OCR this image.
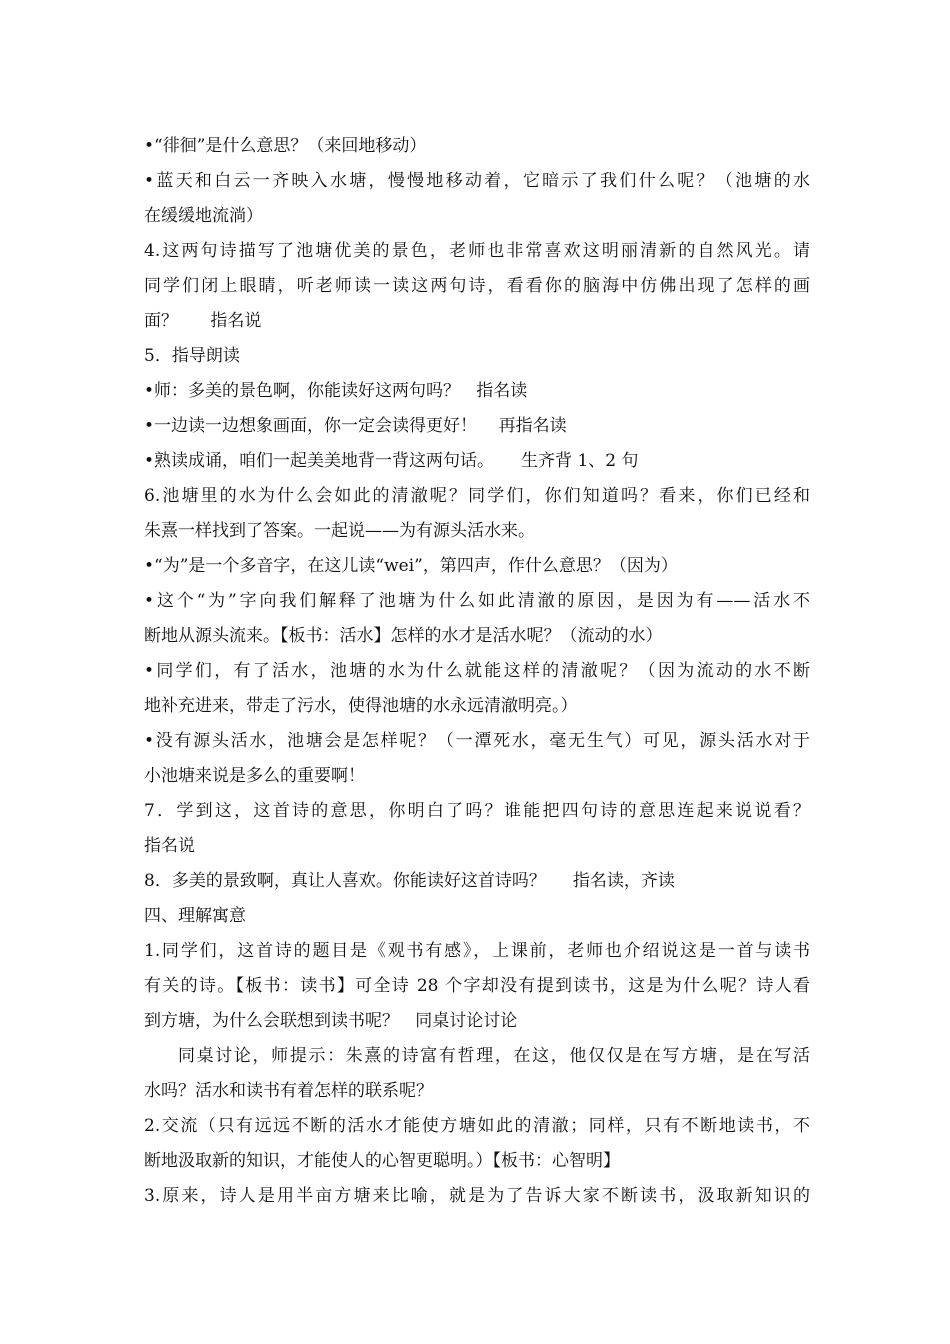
•“徘徊”是什么意思？（来回地移动）
•蓝天和白云一齐映入水塘，慢慢地移动着，它暗示了我们什么呢？（池塘的水
在缓缓地流淌）
4.这两句诗描写了池塘优美的景色，老师也非常喜欢这明丽清新的自然风光。请
同学们闭上眼睛，听老师读一读这两句诗，看看你的脑海中仿佛出现了怎样的画
面？      指名说
5．指导朗读
•师：多美的景色啊，你能读好这两句吗？   指名读
•一边读一边想象画面，你一定会读得更好！    再指名读
•熟读成诵，咱们一起美美地背一背这两句话。     生齐背 1、2 句
6.池塘里的水为什么会如此的清澈呢？同学们，你们知道吗？看来，你们已经和
朱熹一样找到了答案。一起说——为有源头活水来。
•“为”是一个多音字，在这儿读“wei”，第四声，作什么意思？（因为）
•这个“为”字向我们解释了池塘为什么如此清澈的原因，是因为有——活水不
断地从源头流来。【板书：活水】怎样的水才是活水呢？（流动的水）
•同学们，有了活水，池塘的水为什么就能这样的清澈呢？（因为流动的水不断
地补充进来，带走了污水，使得池塘的水永远清澈明亮。）
•没有源头活水，池塘会是怎样呢？（一潭死水，毫无生气）可见，源头活水对于
小池塘来说是多么的重要啊！
7．学到这，这首诗的意思，你明白了吗？谁能把四句诗的意思连起来说说看？
指名说
8．多美的景致啊，真让人喜欢。你能读好这首诗吗？     指名读，齐读
四、理解寓意
1.同学们，这首诗的题目是《观书有感》，上课前，老师也介绍说这是一首与读书
有关的诗。【板书：读书】可全诗 28 个字却没有提到读书，这是为什么呢？诗人看
到方塘，为什么会联想到读书呢？   同桌讨论讨论
同桌讨论，师提示：朱熹的诗富有哲理，在这，他仅仅是在写方塘，是在写活
水吗？活水和读书有着怎样的联系呢？
2.交流（只有远远不断的活水才能使方塘如此的清澈；同样，只有不断地读书，不
断地汲取新的知识，才能使人的心智更聪明。）【板书：心智明】
3.原来，诗人是用半亩方塘来比喻，就是为了告诉大家不断读书，汲取新知识的
